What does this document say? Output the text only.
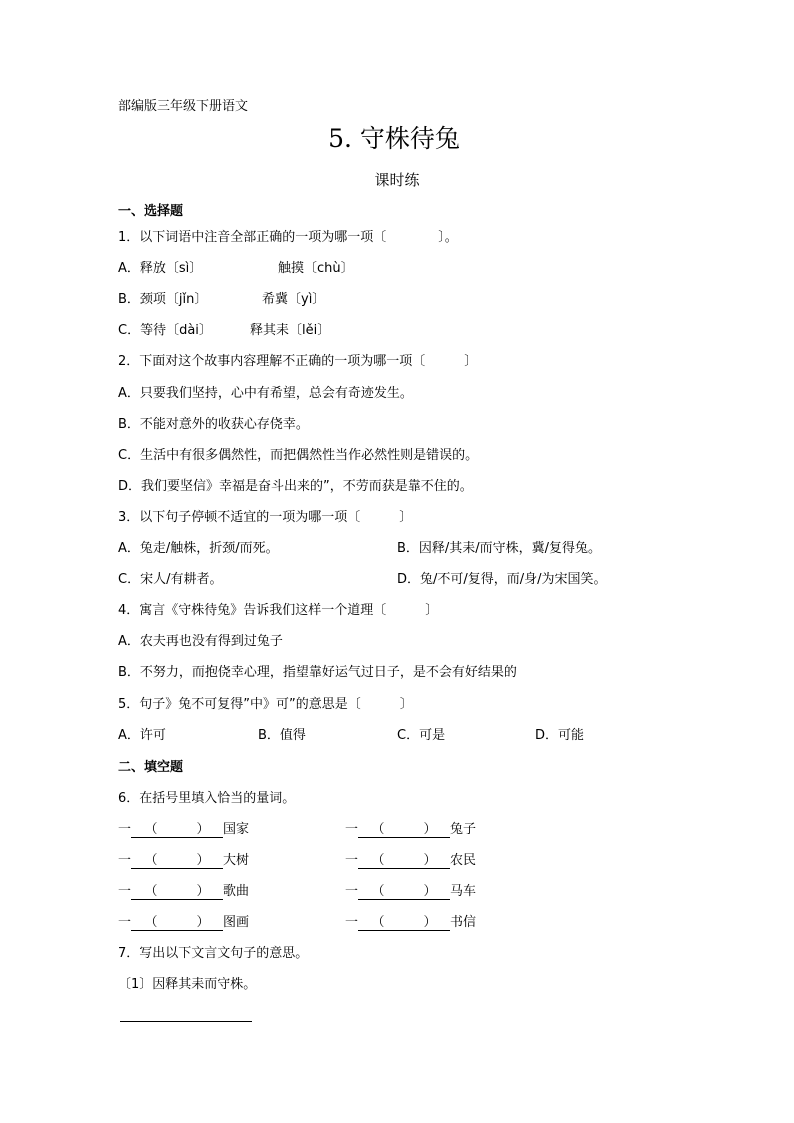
部编版三年级下册语文
5. 守株待兔
课时练
一、选择题
1．以下词语中注音全部正确的一项为哪一项〔　　　　〕。
A．释放〔sì〕	触摸〔chù〕
B．颈项〔jǐn〕	希冀〔yì〕
C．等待〔dài〕	释其耒〔lěi〕
2．下面对这个故事内容理解不正确的一项为哪一项〔　　　〕
A．只要我们坚持，心中有希望，总会有奇迹发生。
B．不能对意外的收获心存侥幸。
C．生活中有很多偶然性，而把偶然性当作必然性则是错误的。
D．我们要坚信》幸福是奋斗出来的”，不劳而获是靠不住的。
3．以下句子停顿不适宜的一项为哪一项〔　　　〕
A．兔走/触株，折颈/而死。	B．因释/其耒/而守株，冀/复得兔。
C．宋人/有耕者。	D．兔/不可/复得，而/身/为宋国笑。
4．寓言《守株待兔》告诉我们这样一个道理〔　　　〕
A．农夫再也没有得到过兔子
B．不努力，而抱侥幸心理，指望靠好运气过日子，是不会有好结果的
5．句子》兔不可复得”中》可”的意思是〔　　　〕
A．许可	B．值得	C．可是	D．可能
二、填空题
6．在括号里填入恰当的量词。
一 （　　　） 国家	一 （　　　） 兔子
一 （　　　） 大树	一 （　　　） 农民
一 （　　　） 歌曲	一 （　　　） 马车
一 （　　　） 图画	一 （　　　） 书信
7．写出以下文言文句子的意思。
〔1〕因释其耒而守株。
